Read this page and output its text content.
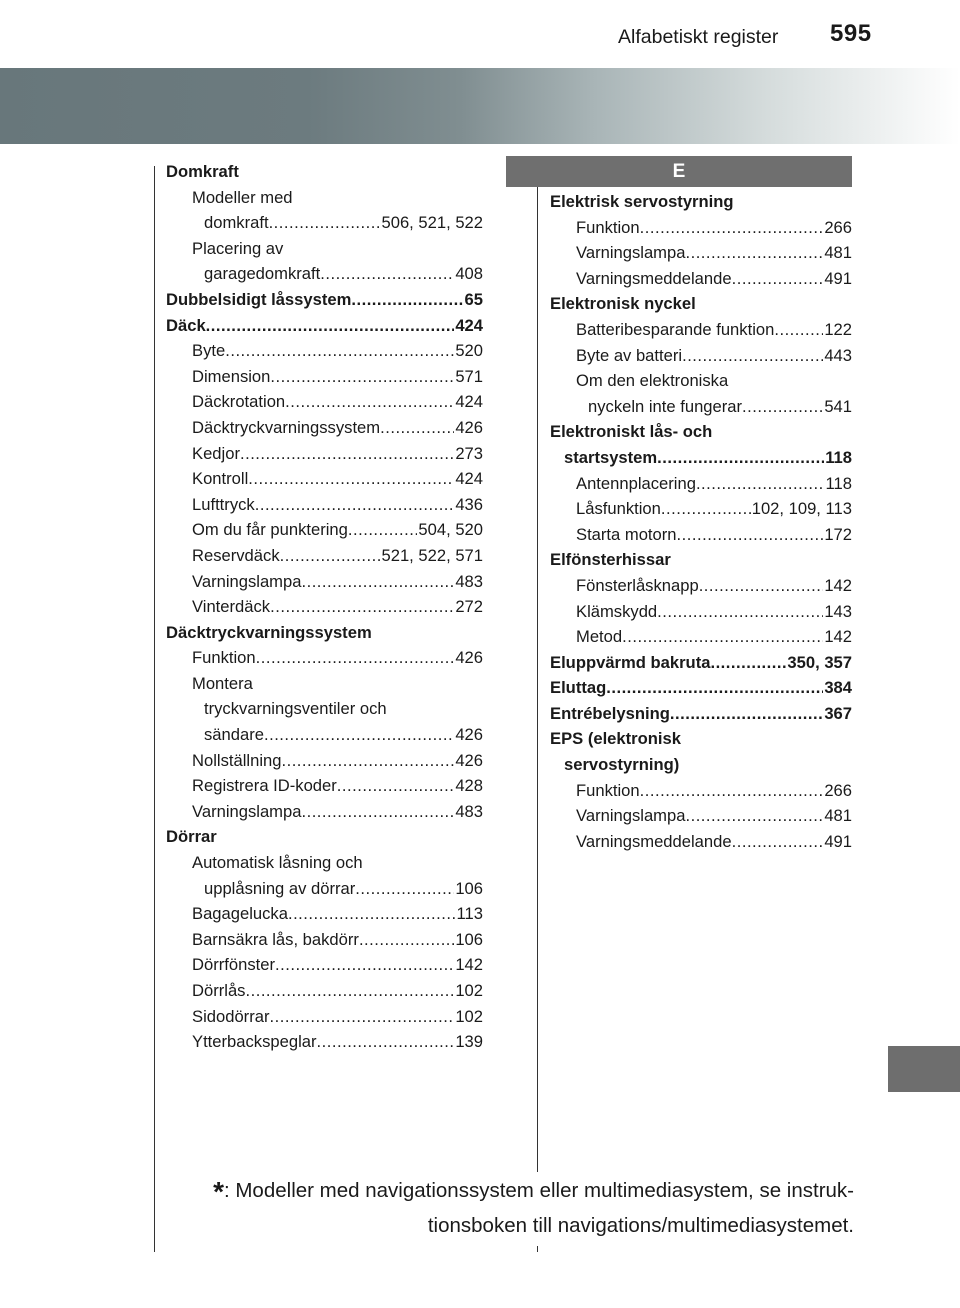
595
Alfabetiskt register
E
Domkraft
Modeller med
domkraft .....	506, 521, 522
Placering av
garagedomkraft .....	408
Dubbelsidigt låssystem .....	65
Däck .....	424
Byte .....	520
Dimension .....	571
Däckrotation .....	424
Däcktryckvarningssystem .....	426
Kedjor .....	273
Kontroll .....	424
Lufttryck .....	436
Om du får punktering .....	504, 520
Reservdäck .....	521, 522, 571
Varningslampa .....	483
Vinterdäck .....	272
Däcktryckvarningssystem
Funktion .....	426
Montera
tryckvarningsventiler och
sändare .....	426
Nollställning .....	426
Registrera ID-koder .....	428
Varningslampa .....	483
Dörrar
Automatisk låsning och
upplåsning av dörrar .....	106
Bagagelucka .....	113
Barnsäkra lås, bakdörr .....	106
Dörrfönster .....	142
Dörrlås .....	102
Sidodörrar .....	102
Ytterbackspeglar .....	139
Elektrisk servostyrning
Funktion .....	266
Varningslampa .....	481
Varningsmeddelande .....	491
Elektronisk nyckel
Batteribesparande funktion .....	122
Byte av batteri .....	443
Om den elektroniska
nyckeln inte fungerar .....	541
Elektroniskt lås- och
startsystem .....	118
Antennplacering .....	118
Låsfunktion .....	102, 109, 113
Starta motorn .....	172
Elfönsterhissar
Fönsterlåsknapp .....	142
Klämskydd .....	143
Metod .....	142
Eluppvärmd bakruta .....	350, 357
Eluttag .....	384
Entrébelysning .....	367
EPS (elektronisk
servostyrning)
Funktion .....	266
Varningslampa .....	481
Varningsmeddelande .....	491
*: Modeller med navigationssystem eller multimediasystem, se instruk-
tionsboken till navigations/multimediasystemet.
